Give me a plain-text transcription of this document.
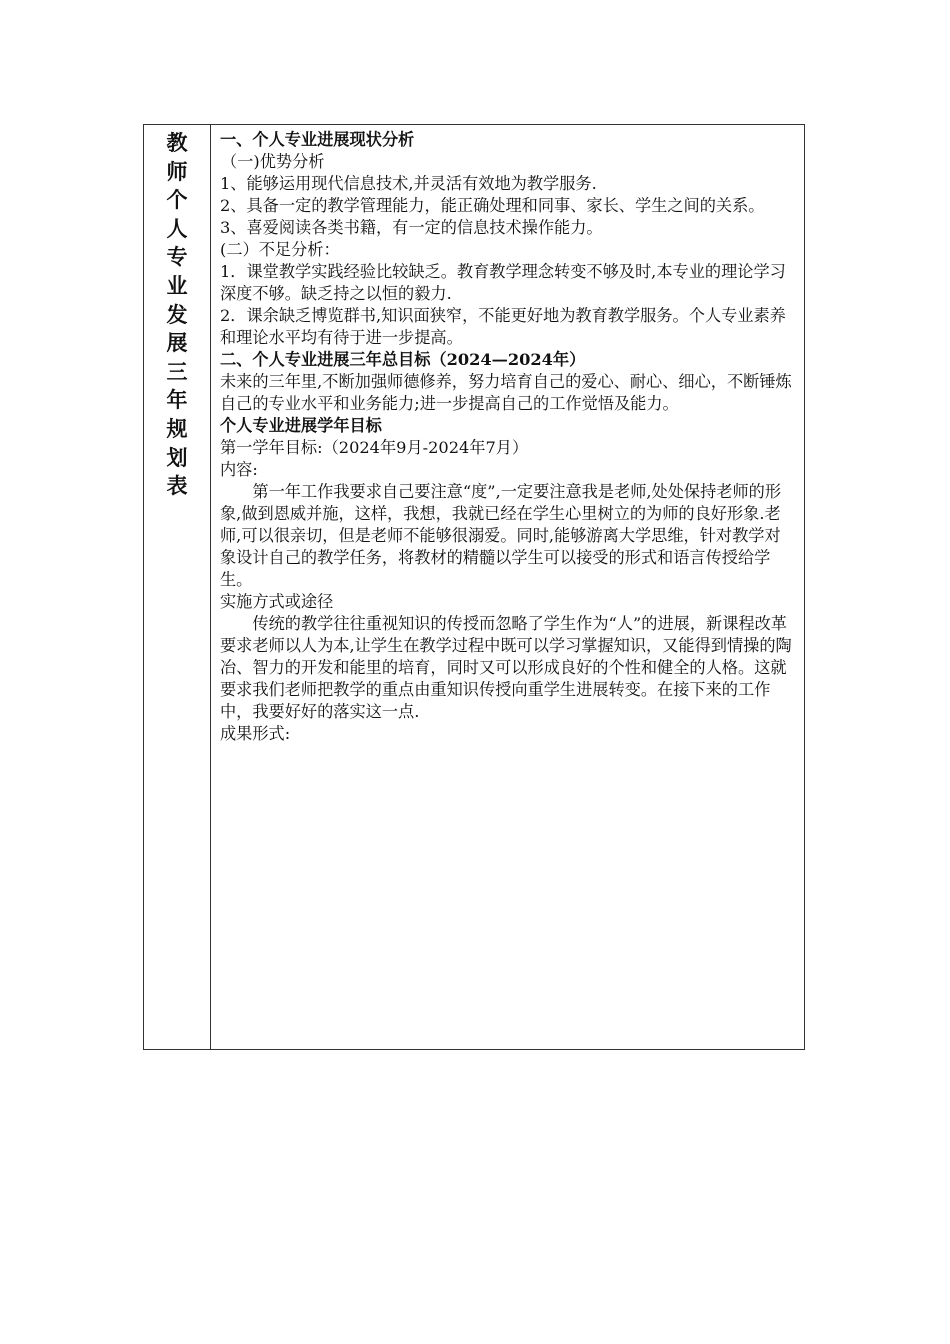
教
师
个
人
专
业
发
展
三
年
规
划
表

一、个人专业进展现状分析

（一)优势分析

1、能够运用现代信息技术,并灵活有效地为教学服务.

2、具备一定的教学管理能力，能正确处理和同事、家长、学生之间的关系。

3、喜爱阅读各类书籍，有一定的信息技术操作能力。

(二）不足分析：

1．课堂教学实践经验比较缺乏。教育教学理念转变不够及时,本专业的理论学习深度不够。缺乏持之以恒的毅力.

2．课余缺乏博览群书,知识面狭窄，不能更好地为教育教学服务。个人专业素养和理论水平均有待于进一步提高。

二、个人专业进展三年总目标（2024—2024年）

未来的三年里,不断加强师德修养，努力培育自己的爱心、耐心、细心，不断锤炼自己的专业水平和业务能力;进一步提高自己的工作觉悟及能力。

个人专业进展学年目标

第一学年目标:（2024年9月-2024年7月）

内容:

第一年工作我要求自己要注意“度”,一定要注意我是老师,处处保持老师的形象,做到恩威并施，这样，我想，我就已经在学生心里树立的为师的良好形象.老师,可以很亲切，但是老师不能够很溺爱。同时,能够游离大学思维，针对教学对象设计自己的教学任务，将教材的精髓以学生可以接受的形式和语言传授给学生。

实施方式或途径

传统的教学往往重视知识的传授而忽略了学生作为“人”的进展，新课程改革要求老师以人为本,让学生在教学过程中既可以学习掌握知识，又能得到情操的陶冶、智力的开发和能里的培育，同时又可以形成良好的个性和健全的人格。这就要求我们老师把教学的重点由重知识传授向重学生进展转变。在接下来的工作中，我要好好的落实这一点.

成果形式:
